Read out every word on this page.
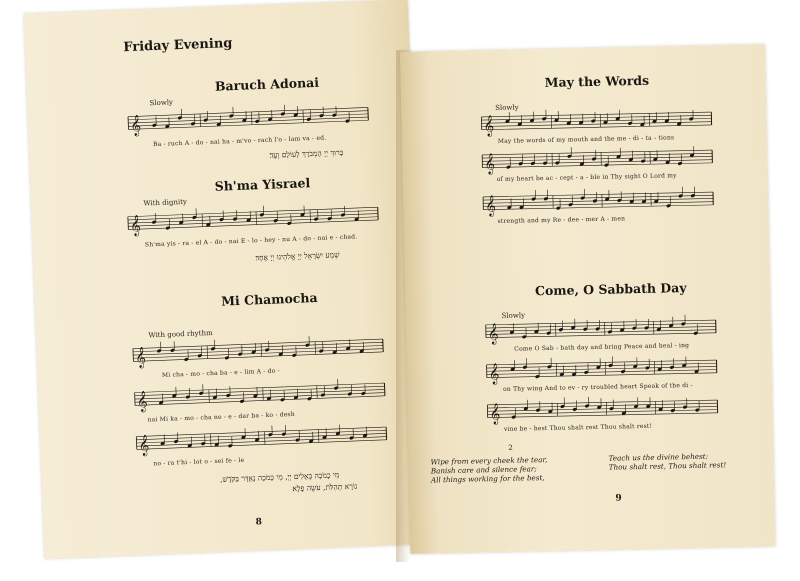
Friday Evening
Baruch Adonai
Slowly
𝄞
Ba - ruch A - do - nai ha - m'vo - rach l'o - lam va - ed.
בָּרוּךְ יְיָ הַמְבֹרָךְ לְעוֹלָם וָעֶד׃
Sh'ma Yisrael
With dignity
𝄞
Sh'ma yis - ra - el A - do - nai E - lo - hey - nu A - do - nai e - chad.
שְׁמַע יִשְׂרָאֵל יְיָ אֱלֹהֵינוּ יְיָ אֶחָד׃
Mi Chamocha
With good rhythm
𝄞
Mi cha - mo - cha ba - e - lim A - do -
𝄞
nai Mi ka - mo - cha ne - e - dar ba - ko - desh
𝄞
no - ra t'hi - lot o - sei fe - le
מִי כָמֹכָה בָּאֵלִים יְיָ, מִי כָּמֹכָה נֶאְדָּר בַּקֹּדֶשׁ,
נוֹרָא תְהִלֹּת, עֹשֵׂה פֶלֶא׃
8
May the Words
Slowly
𝄞
May the words of my mouth and the me - di - ta - tions
𝄞
of my heart be ac - cept - a - ble in Thy sight O Lord my
𝄞
strength and my Re - dee - mer A - men
Come, O Sabbath Day
Slowly
𝄞
Come O Sab - bath day and bring Peace and heal - ing
𝄞
on Thy wing And to ev - ry troubled heart Speak of the di -
𝄞
vine be - hest Thou shalt rest Thou shalt rest!
2
Wipe from every cheek the tear,
Banish care and silence fear;
All things working for the best,
Teach us the divine behest:
Thou shalt rest, Thou shalt rest!
9
